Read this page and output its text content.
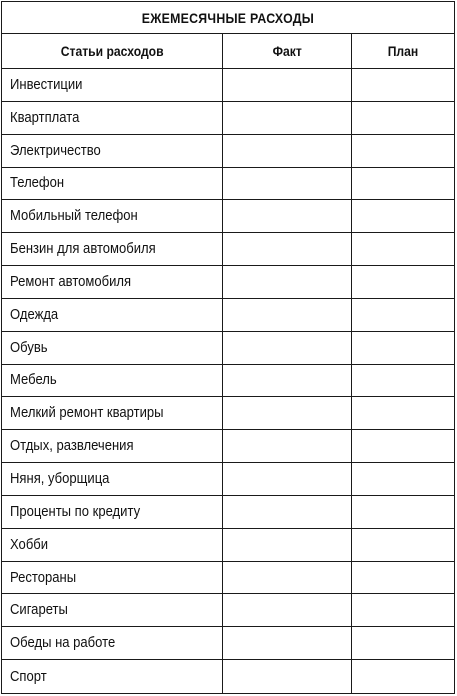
ЕЖЕМЕСЯЧНЫЕ РАСХОДЫ
Статьи расходов	Факт	План
Инвестиции
Квартплата
Электричество
Телефон
Мобильный телефон
Бензин для автомобиля
Ремонт автомобиля
Одежда
Обувь
Мебель
Мелкий ремонт квартиры
Отдых, развлечения
Няня, уборщица
Проценты по кредиту
Хобби
Рестораны
Сигареты
Обеды на работе
Спорт
